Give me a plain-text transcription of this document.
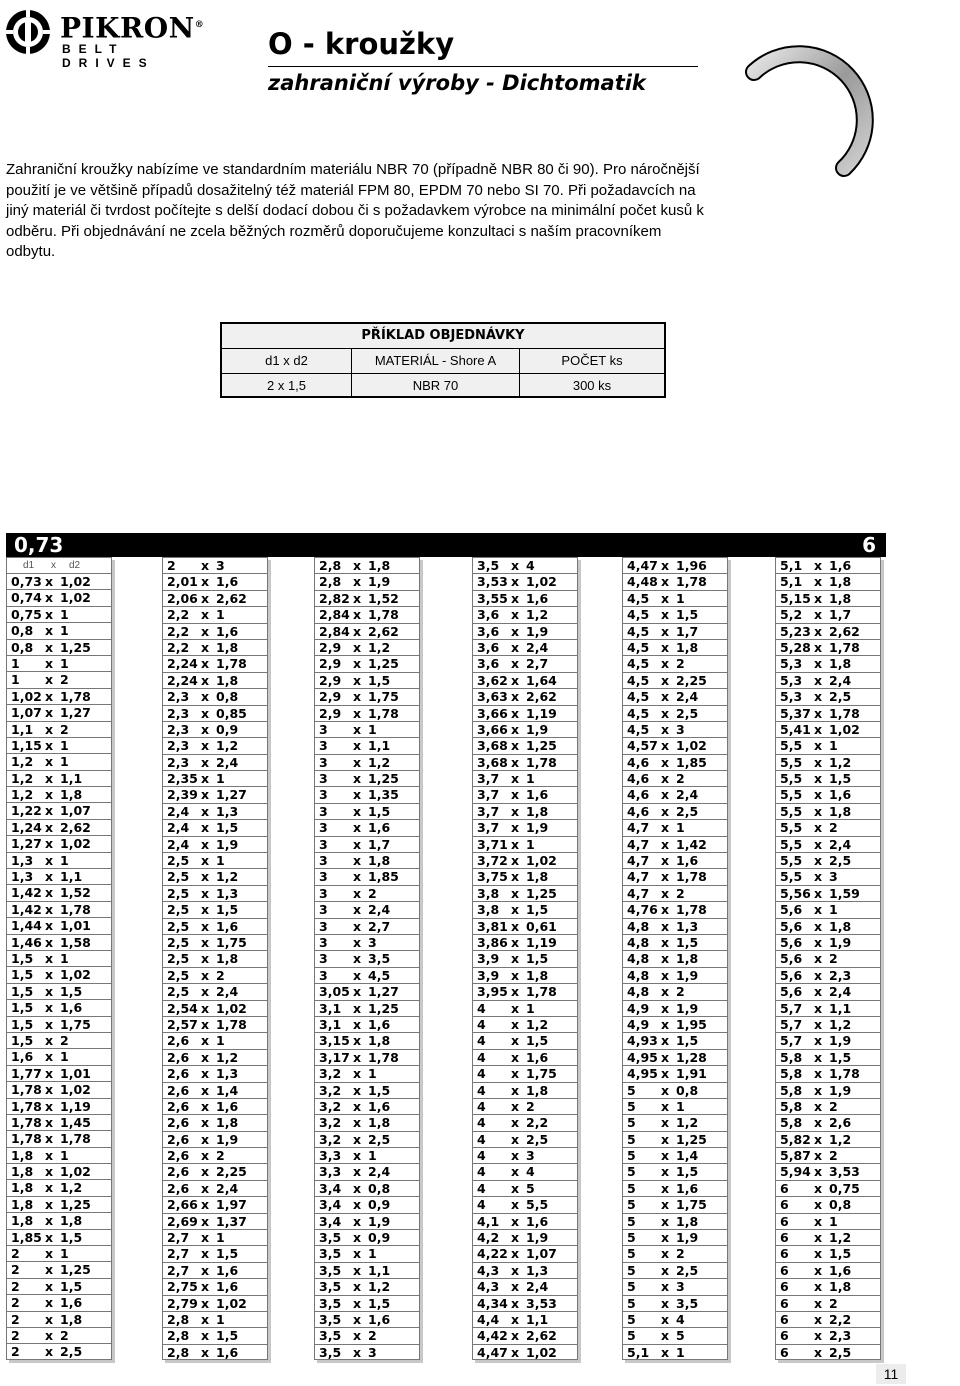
PIKRON®
BELT DRIVES
O - kroužky
zahraniční výroby - Dichtomatik
Zahraniční kroužky nabízíme ve standardním materiálu NBR 70 (případně NBR 80 či 90). Pro náročnější použití je ve většině případů dosažitelný též materiál FPM 80, EPDM 70 nebo SI 70. Při požadavcích na jiný materiál či tvrdost počítejte s delší dodací dobou či s požadavkem výrobce na minimální počet kusů k odběru. Při objednávání ne zcela běžných rozměrů doporučujeme konzultaci s naším pracovníkem odbytu.
PŘÍKLAD OBJEDNÁVKY
d1 x d2	MATERIÁL - Shore A	POČET ks
2 x 1,5	NBR 70	300 ks
0,73	6
d1 x d2
0,73 x 1,02
0,74 x 1,02
0,75 x 1
0,8 x 1
0,8 x 1,25
1 x 1
1 x 2
1,02 x 1,78
1,07 x 1,27
1,1 x 2
1,15 x 1
1,2 x 1
1,2 x 1,1
1,2 x 1,8
1,22 x 1,07
1,24 x 2,62
1,27 x 1,02
1,3 x 1
1,3 x 1,1
1,42 x 1,52
1,42 x 1,78
1,44 x 1,01
1,46 x 1,58
1,5 x 1
1,5 x 1,02
1,5 x 1,5
1,5 x 1,6
1,5 x 1,75
1,5 x 2
1,6 x 1
1,77 x 1,01
1,78 x 1,02
1,78 x 1,19
1,78 x 1,45
1,78 x 1,78
1,8 x 1
1,8 x 1,02
1,8 x 1,2
1,8 x 1,25
1,8 x 1,8
1,85 x 1,5
2 x 1
2 x 1,25
2 x 1,5
2 x 1,6
2 x 1,8
2 x 2
2 x 2,5
2 x 3
2,01 x 1,6
2,06 x 2,62
2,2 x 1
2,2 x 1,6
2,2 x 1,8
2,24 x 1,78
2,24 x 1,8
2,3 x 0,8
2,3 x 0,85
2,3 x 0,9
2,3 x 1,2
2,3 x 2,4
2,35 x 1
2,39 x 1,27
2,4 x 1,3
2,4 x 1,5
2,4 x 1,9
2,5 x 1
2,5 x 1,2
2,5 x 1,3
2,5 x 1,5
2,5 x 1,6
2,5 x 1,75
2,5 x 1,8
2,5 x 2
2,5 x 2,4
2,54 x 1,02
2,57 x 1,78
2,6 x 1
2,6 x 1,2
2,6 x 1,3
2,6 x 1,4
2,6 x 1,6
2,6 x 1,8
2,6 x 1,9
2,6 x 2
2,6 x 2,25
2,6 x 2,4
2,66 x 1,97
2,69 x 1,37
2,7 x 1
2,7 x 1,5
2,7 x 1,6
2,75 x 1,6
2,79 x 1,02
2,8 x 1
2,8 x 1,5
2,8 x 1,6
2,8 x 1,8
2,8 x 1,9
2,82 x 1,52
2,84 x 1,78
2,84 x 2,62
2,9 x 1,2
2,9 x 1,25
2,9 x 1,5
2,9 x 1,75
2,9 x 1,78
3 x 1
3 x 1,1
3 x 1,2
3 x 1,25
3 x 1,35
3 x 1,5
3 x 1,6
3 x 1,7
3 x 1,8
3 x 1,85
3 x 2
3 x 2,4
3 x 2,7
3 x 3
3 x 3,5
3 x 4,5
3,05 x 1,27
3,1 x 1,25
3,1 x 1,6
3,15 x 1,8
3,17 x 1,78
3,2 x 1
3,2 x 1,5
3,2 x 1,6
3,2 x 1,8
3,2 x 2,5
3,3 x 1
3,3 x 2,4
3,4 x 0,8
3,4 x 0,9
3,4 x 1,9
3,5 x 0,9
3,5 x 1
3,5 x 1,1
3,5 x 1,2
3,5 x 1,5
3,5 x 1,6
3,5 x 2
3,5 x 3
3,5 x 4
3,53 x 1,02
3,55 x 1,6
3,6 x 1,2
3,6 x 1,9
3,6 x 2,4
3,6 x 2,7
3,62 x 1,64
3,63 x 2,62
3,66 x 1,19
3,66 x 1,9
3,68 x 1,25
3,68 x 1,78
3,7 x 1
3,7 x 1,6
3,7 x 1,8
3,7 x 1,9
3,71 x 1
3,72 x 1,02
3,75 x 1,8
3,8 x 1,25
3,8 x 1,5
3,81 x 0,61
3,86 x 1,19
3,9 x 1,5
3,9 x 1,8
3,95 x 1,78
4 x 1
4 x 1,2
4 x 1,5
4 x 1,6
4 x 1,75
4 x 1,8
4 x 2
4 x 2,2
4 x 2,5
4 x 3
4 x 4
4 x 5
4 x 5,5
4,1 x 1,6
4,2 x 1,9
4,22 x 1,07
4,3 x 1,3
4,3 x 2,4
4,34 x 3,53
4,4 x 1,1
4,42 x 2,62
4,47 x 1,02
4,47 x 1,96
4,48 x 1,78
4,5 x 1
4,5 x 1,5
4,5 x 1,7
4,5 x 1,8
4,5 x 2
4,5 x 2,25
4,5 x 2,4
4,5 x 2,5
4,5 x 3
4,57 x 1,02
4,6 x 1,85
4,6 x 2
4,6 x 2,4
4,6 x 2,5
4,7 x 1
4,7 x 1,42
4,7 x 1,6
4,7 x 1,78
4,7 x 2
4,76 x 1,78
4,8 x 1,3
4,8 x 1,5
4,8 x 1,8
4,8 x 1,9
4,8 x 2
4,9 x 1,9
4,9 x 1,95
4,93 x 1,5
4,95 x 1,28
4,95 x 1,91
5 x 0,8
5 x 1
5 x 1,2
5 x 1,25
5 x 1,4
5 x 1,5
5 x 1,6
5 x 1,75
5 x 1,8
5 x 1,9
5 x 2
5 x 2,5
5 x 3
5 x 3,5
5 x 4
5 x 5
5,1 x 1
5,1 x 1,6
5,1 x 1,8
5,15 x 1,8
5,2 x 1,7
5,23 x 2,62
5,28 x 1,78
5,3 x 1,8
5,3 x 2,4
5,3 x 2,5
5,37 x 1,78
5,41 x 1,02
5,5 x 1
5,5 x 1,2
5,5 x 1,5
5,5 x 1,6
5,5 x 1,8
5,5 x 2
5,5 x 2,4
5,5 x 2,5
5,5 x 3
5,56 x 1,59
5,6 x 1
5,6 x 1,8
5,6 x 1,9
5,6 x 2
5,6 x 2,3
5,6 x 2,4
5,7 x 1,1
5,7 x 1,2
5,7 x 1,9
5,8 x 1,5
5,8 x 1,78
5,8 x 1,9
5,8 x 2
5,8 x 2,6
5,82 x 1,2
5,87 x 2
5,94 x 3,53
6 x 0,75
6 x 0,8
6 x 1
6 x 1,2
6 x 1,5
6 x 1,6
6 x 1,8
6 x 2
6 x 2,2
6 x 2,3
6 x 2,5
11
